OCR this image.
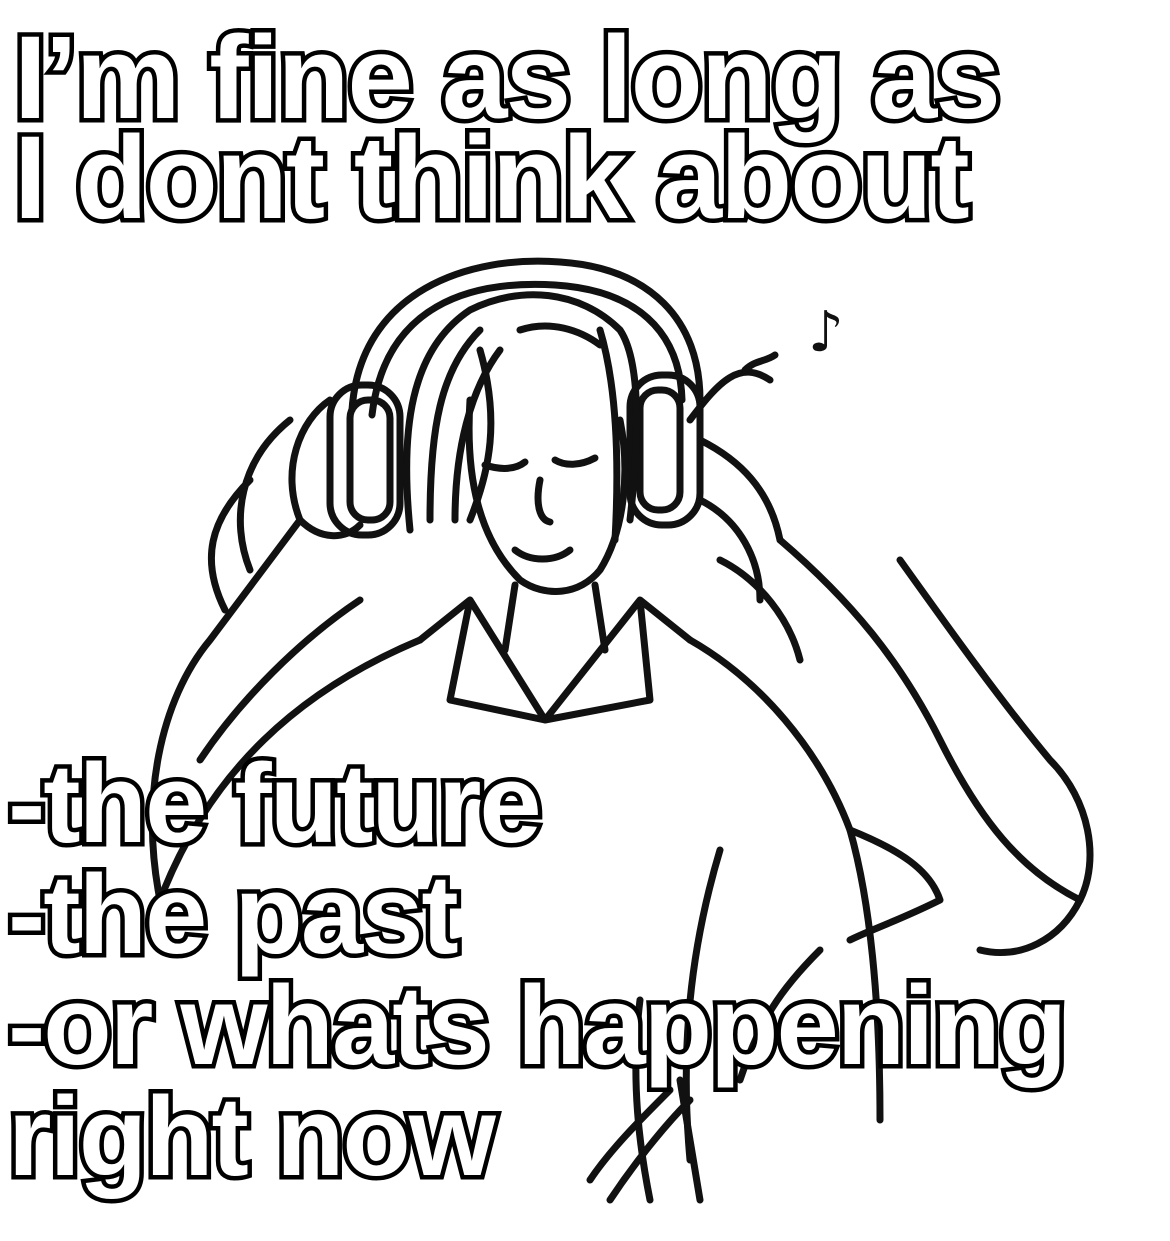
I’m fine as long as
I dont think about
-the future
-the past
-or whats happening
right now
♪
